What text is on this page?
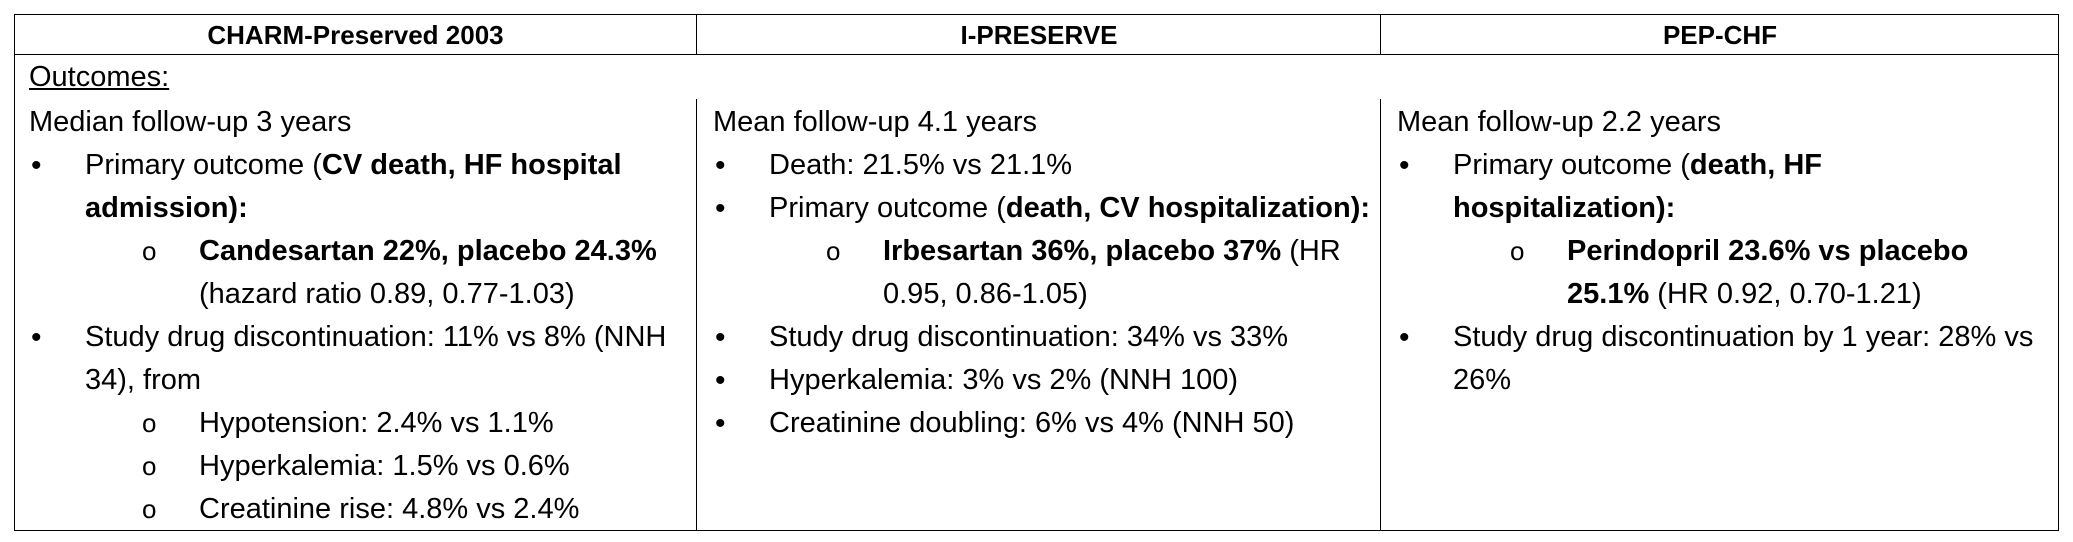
CHARM-Preserved 2003	I-PRESERVE	PEP-CHF
Outcomes:

Median follow-up 3 years

• Primary outcome (CV death, HF hospital admission):

o Candesartan 22%, placebo 24.3% (hazard ratio 0.89, 0.77-1.03)

• Study drug discontinuation: 11% vs 8% (NNH 34), from

o Hypotension: 2.4% vs 1.1%

o Hyperkalemia: 1.5% vs 0.6%

o Creatinine rise: 4.8% vs 2.4%

Mean follow-up 4.1 years

• Death: 21.5% vs 21.1%

• Primary outcome (death, CV hospitalization):

o Irbesartan 36%, placebo 37% (HR 0.95, 0.86-1.05)

• Study drug discontinuation: 34% vs 33%

• Hyperkalemia: 3% vs 2% (NNH 100)

• Creatinine doubling: 6% vs 4% (NNH 50)

Mean follow-up 2.2 years

• Primary outcome (death, HF hospitalization):

o Perindopril 23.6% vs placebo 25.1% (HR 0.92, 0.70-1.21)

• Study drug discontinuation by 1 year: 28% vs 26%
